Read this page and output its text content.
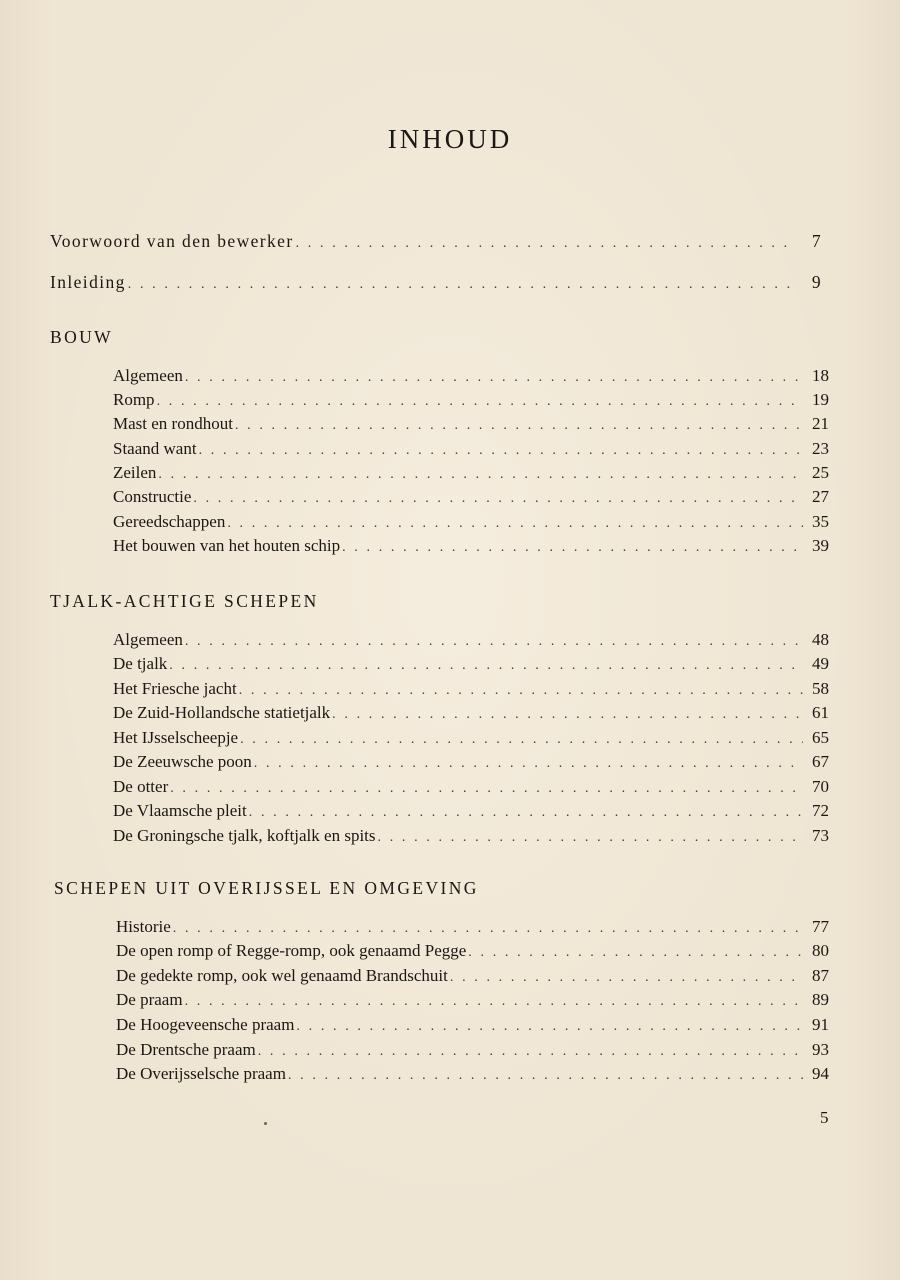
INHOUD
Voorwoord van den bewerker . . .	7
Inleiding . . .	9
BOUW
Algemeen . . .	18
Romp . . .	19
Mast en rondhout . . .	21
Staand want . . .	23
Zeilen . . .	25
Constructie . . .	27
Gereedschappen . . .	35
Het bouwen van het houten schip . . .	39
TJALK-ACHTIGE SCHEPEN
Algemeen . . .	48
De tjalk . . .	49
Het Friesche jacht . . .	58
De Zuid-Hollandsche statietjalk . . .	61
Het IJsselscheepje . . .	65
De Zeeuwsche poon . . .	67
De otter . . .	70
De Vlaamsche pleit . . .	72
De Groningsche tjalk, koftjalk en spits . . .	73
SCHEPEN UIT OVERIJSSEL EN OMGEVING
Historie . . .	77
De open romp of Regge-romp, ook genaamd Pegge . . .	80
De gedekte romp, ook wel genaamd Brandschuit . . .	87
De praam . . .	89
De Hoogeveensche praam . . .	91
De Drentsche praam . . .	93
De Overijsselsche praam . . .	94
5
